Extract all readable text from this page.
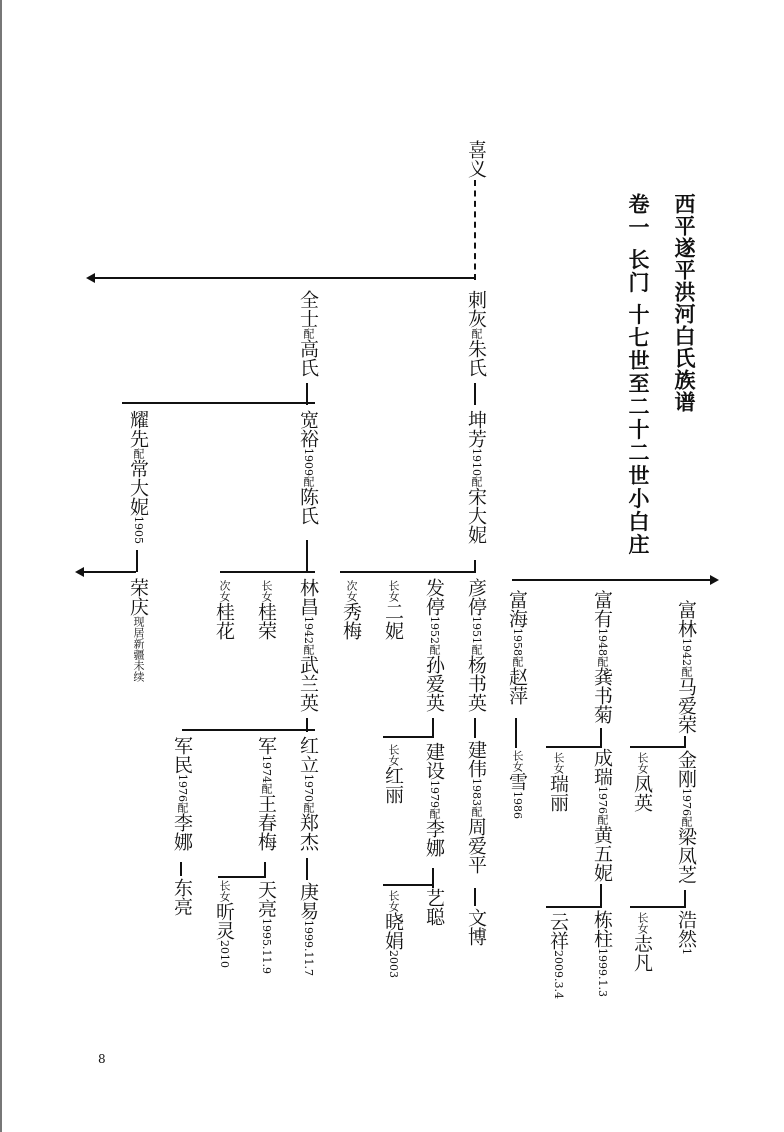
西平遂平洪河白氏族谱
卷一 长门 十七世至二十二世小白庄
喜义
刺灰配朱氏
全士配高氏
坤芳1910配宋大妮
宽裕1909配陈氏
耀先配常大妮1905
荣庆现居新疆未续
次女桂花
长女桂荣
林昌1942配武兰英
次女秀梅
长女二妮
发停1952配孙爱英
彦停1951配杨书英
建伟1983配周爱平
文博
富海1958配赵萍
长女雪1986
富有1948配龚书菊
长女瑞丽
成瑞1976配黄五妮
云祥2009.3.4
栋柱1999.1.3
富林1942配马爱荣
长女凤英
金刚1976配梁凤芝
长女志凡
浩然1
红立1970配郑杰
庚易1999.11.7
军1974配王春梅
长女昕灵2010
天亮1995.11.9
军民1976配李娜
东亮
长女红丽
建设1979配李娜
艺聪
长女晓娟2003
8
